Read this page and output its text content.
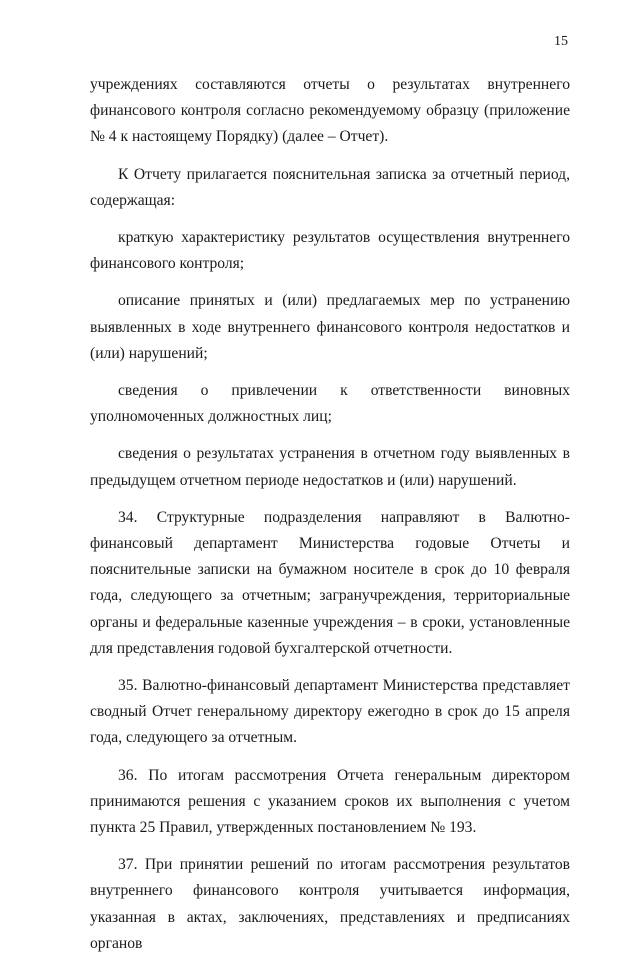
15

учреждениях составляются отчеты о результатах внутреннего финансового контроля согласно рекомендуемому образцу (приложение № 4 к настоящему Порядку) (далее – Отчет).

К Отчету прилагается пояснительная записка за отчетный период, содержащая:

краткую характеристику результатов осуществления внутреннего финансового контроля;

описание принятых и (или) предлагаемых мер по устранению выявленных в ходе внутреннего финансового контроля недостатков и (или) нарушений;

сведения о привлечении к ответственности виновных уполномоченных должностных лиц;

сведения о результатах устранения в отчетном году выявленных в предыдущем отчетном периоде недостатков и (или) нарушений.

34. Структурные подразделения направляют в Валютно-финансовый департамент Министерства годовые Отчеты и пояснительные записки на бумажном носителе в срок до 10 февраля года, следующего за отчетным; загранучреждения, территориальные органы и федеральные казенные учреждения – в сроки, установленные для представления годовой бухгалтерской отчетности.

35. Валютно-финансовый департамент Министерства представляет сводный Отчет генеральному директору ежегодно в срок до 15 апреля года, следующего за отчетным.

36. По итогам рассмотрения Отчета генеральным директором принимаются решения с указанием сроков их выполнения с учетом пункта 25 Правил, утвержденных постановлением № 193.

37. При принятии решений по итогам рассмотрения результатов внутреннего финансового контроля учитывается информация, указанная в актах, заключениях, представлениях и предписаниях органов
